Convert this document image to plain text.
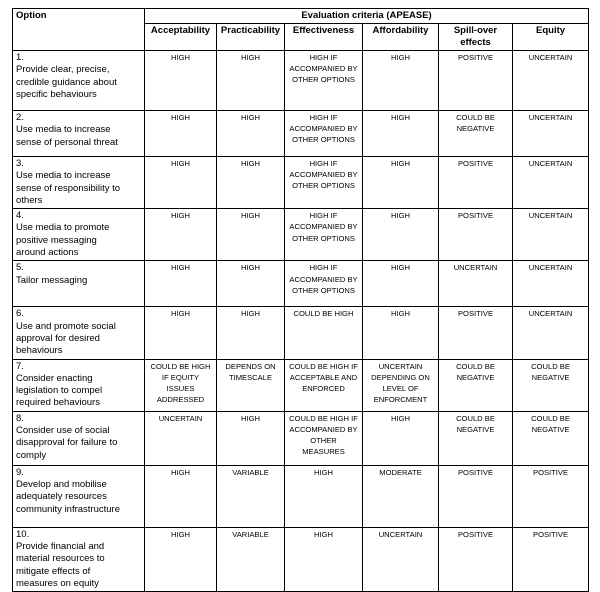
Option	Evaluation criteria (APEASE)					
	Acceptability	Practicability	Effectiveness	Affordability	Spill-over effects	Equity
1.Provide clear, precise, credible guidance about specific behaviours	HIGH	HIGH	HIGH IF ACCOMPANIED BY OTHER OPTIONS	HIGH	POSITIVE	UNCERTAIN
2.Use media to increase sense of personal threat	HIGH	HIGH	HIGH IF ACCOMPANIED BY OTHER OPTIONS	HIGH	COULD BE NEGATIVE	UNCERTAIN
3.Use media to increase sense of responsibility to others	HIGH	HIGH	HIGH IF ACCOMPANIED BY OTHER OPTIONS	HIGH	POSITIVE	UNCERTAIN
4.Use media to promote positive messaging around actions	HIGH	HIGH	HIGH IF ACCOMPANIED BY OTHER OPTIONS	HIGH	POSITIVE	UNCERTAIN
5.Tailor messaging	HIGH	HIGH	HIGH IF ACCOMPANIED BY OTHER OPTIONS	HIGH	UNCERTAIN	UNCERTAIN
6.Use and promote social approval for desired behaviours	HIGH	HIGH	COULD BE HIGH	HIGH	POSITIVE	UNCERTAIN
7.Consider enacting legislation to compel required behaviours	COULD BE HIGH IF EQUITY ISSUES ADDRESSED	DEPENDS ON TIMESCALE	COULD BE HIGH IF ACCEPTABLE AND ENFORCED	UNCERTAIN DEPENDING ON LEVEL OF ENFORCMENT	COULD BE NEGATIVE	COULD BE NEGATIVE
8.Consider use of social disapproval for failure to comply	UNCERTAIN	HIGH	COULD BE HIGH IF ACCOMPANIED BY OTHER MEASURES	HIGH	COULD BE NEGATIVE	COULD BE NEGATIVE
9.Develop and mobilise adequately resources community infrastructure	HIGH	VARIABLE	HIGH	MODERATE	POSITIVE	POSITIVE
10.Provide financial and material resources to mitigate effects of measures on equity	HIGH	VARIABLE	HIGH	UNCERTAIN	POSITIVE	POSITIVE
